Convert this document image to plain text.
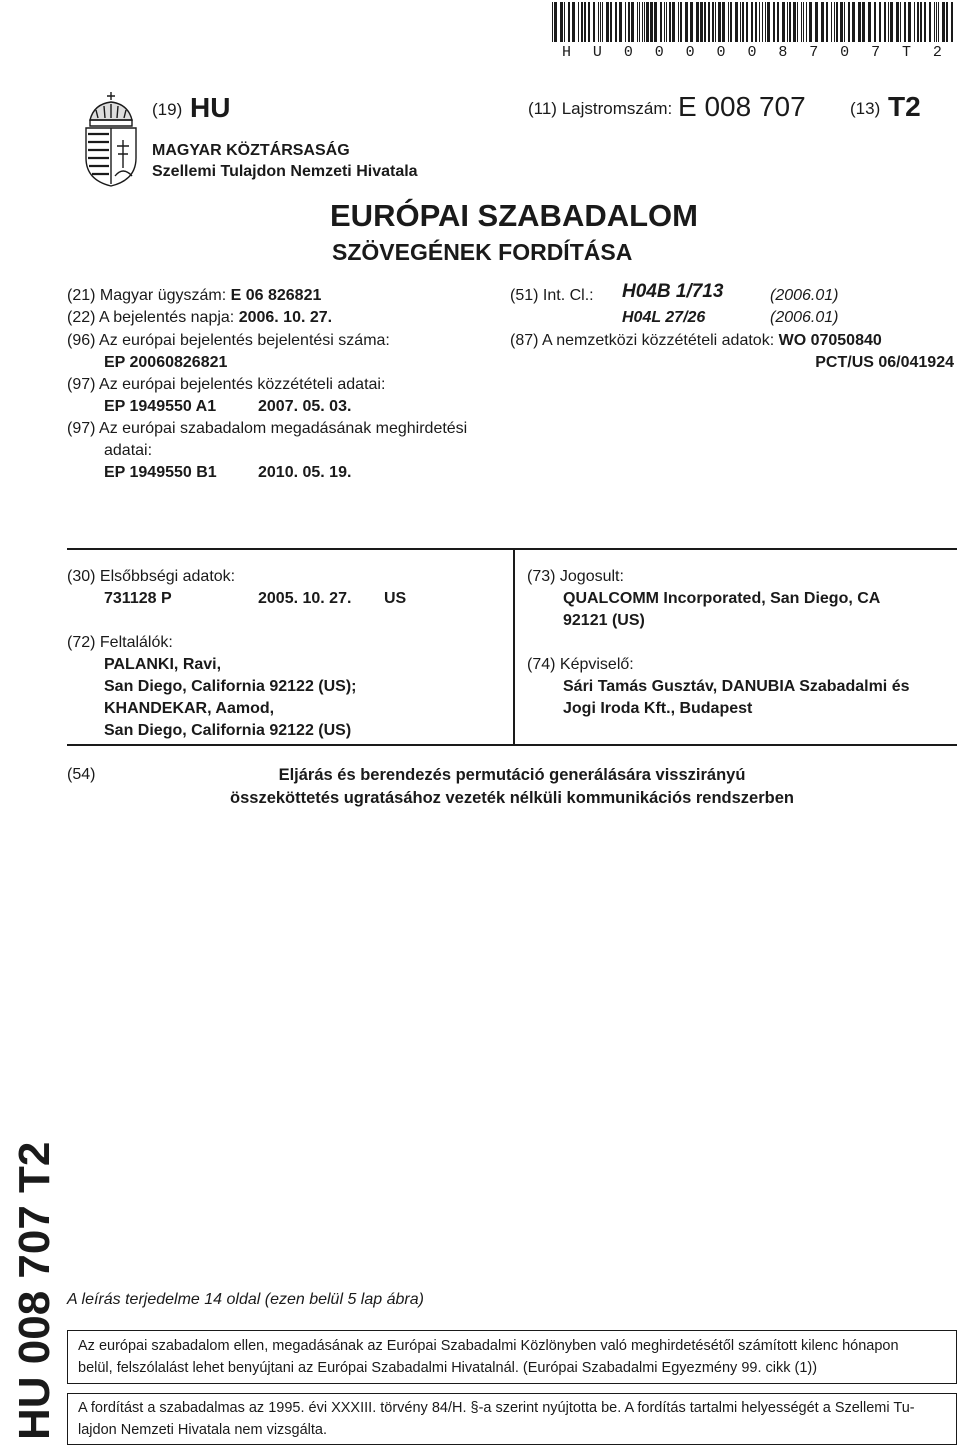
H U 0 0 0 0 0 8 7 0 7 T 2
(19) HU	(11) Lajstromszám: E 008 707	(13) T2
MAGYAR KÖZTÁRSASÁG
Szellemi Tulajdon Nemzeti Hivatala
EURÓPAI SZABADALOM
SZÖVEGÉNEK FORDÍTÁSA
(21) Magyar ügyszám: E 06 826821
(22) A bejelentés napja: 2006. 10. 27.
(96) Az európai bejelentés bejelentési száma:
EP 20060826821
(97) Az európai bejelentés közzétételi adatai:
EP 1949550 A1	2007. 05. 03.
(97) Az európai szabadalom megadásának meghirdetési
adatai:
EP 1949550 B1	2010. 05. 19.
(51) Int. Cl.: H04B 1/713	(2006.01)
H04L 27/26	(2006.01)
(87) A nemzetközi közzétételi adatok: WO 07050840
PCT/US 06/041924
(30) Elsőbbségi adatok:
731128 P	2005. 10. 27. US
(72) Feltalálók:
PALANKI, Ravi,
San Diego, California 92122 (US);
KHANDEKAR, Aamod,
San Diego, California 92122 (US)
(73) Jogosult:
QUALCOMM Incorporated, San Diego, CA
92121 (US)
(74) Képviselő:
Sári Tamás Gusztáv, DANUBIA Szabadalmi és
Jogi Iroda Kft., Budapest
(54)	Eljárás és berendezés permutáció generálására visszirányú
összeköttetés ugratásához vezeték nélküli kommunikációs rendszerben
HU 008 707 T2 A leírás terjedelme 14 oldal (ezen belül 5 lap ábra)
Az európai szabadalom ellen, megadásának az Európai Szabadalmi Közlönyben való meghirdetésétől számított kilenc hónapon
belül, felszólalást lehet benyújtani az Európai Szabadalmi Hivatalnál. (Európai Szabadalmi Egyezmény 99. cikk (1))
A fordítást a szabadalmas az 1995. évi XXXIII. törvény 84/H. §-a szerint nyújtotta be. A fordítás tartalmi helyességét a Szellemi Tu-
lajdon Nemzeti Hivatala nem vizsgálta.
